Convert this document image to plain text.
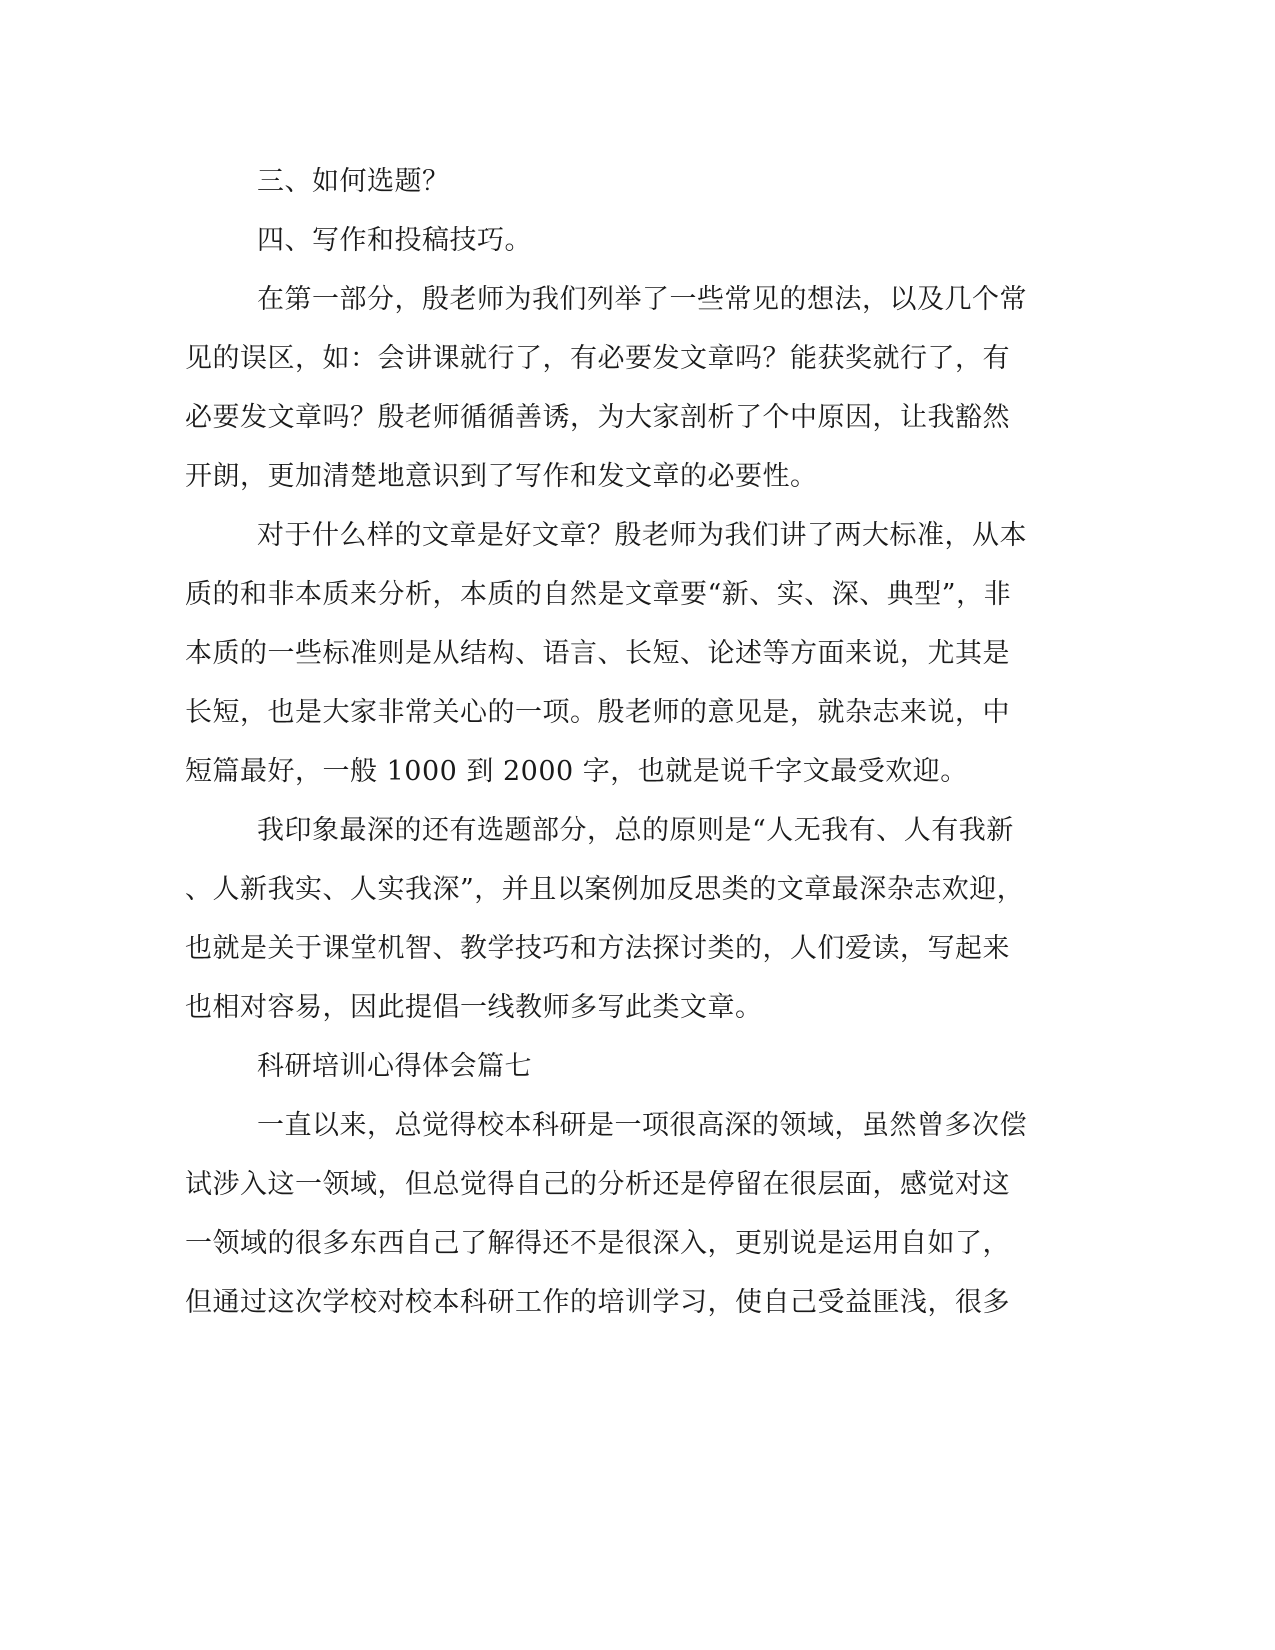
三、如何选题？
四、写作和投稿技巧。
在第一部分，殷老师为我们列举了一些常见的想法，以及几个常
见的误区，如：会讲课就行了，有必要发文章吗？能获奖就行了，有
必要发文章吗？殷老师循循善诱，为大家剖析了个中原因，让我豁然
开朗，更加清楚地意识到了写作和发文章的必要性。
对于什么样的文章是好文章？殷老师为我们讲了两大标准，从本
质的和非本质来分析，本质的自然是文章要“新、实、深、典型”，非
本质的一些标准则是从结构、语言、长短、论述等方面来说，尤其是
长短，也是大家非常关心的一项。殷老师的意见是，就杂志来说，中
短篇最好，一般 1000 到 2000 字，也就是说千字文最受欢迎。
我印象最深的还有选题部分，总的原则是“人无我有、人有我新
、人新我实、人实我深”，并且以案例加反思类的文章最深杂志欢迎，
也就是关于课堂机智、教学技巧和方法探讨类的，人们爱读，写起来
也相对容易，因此提倡一线教师多写此类文章。
科研培训心得体会篇七
一直以来，总觉得校本科研是一项很高深的领域，虽然曾多次偿
试涉入这一领域，但总觉得自己的分析还是停留在很层面，感觉对这
一领域的很多东西自己了解得还不是很深入，更别说是运用自如了，
但通过这次学校对校本科研工作的培训学习，使自己受益匪浅，很多
